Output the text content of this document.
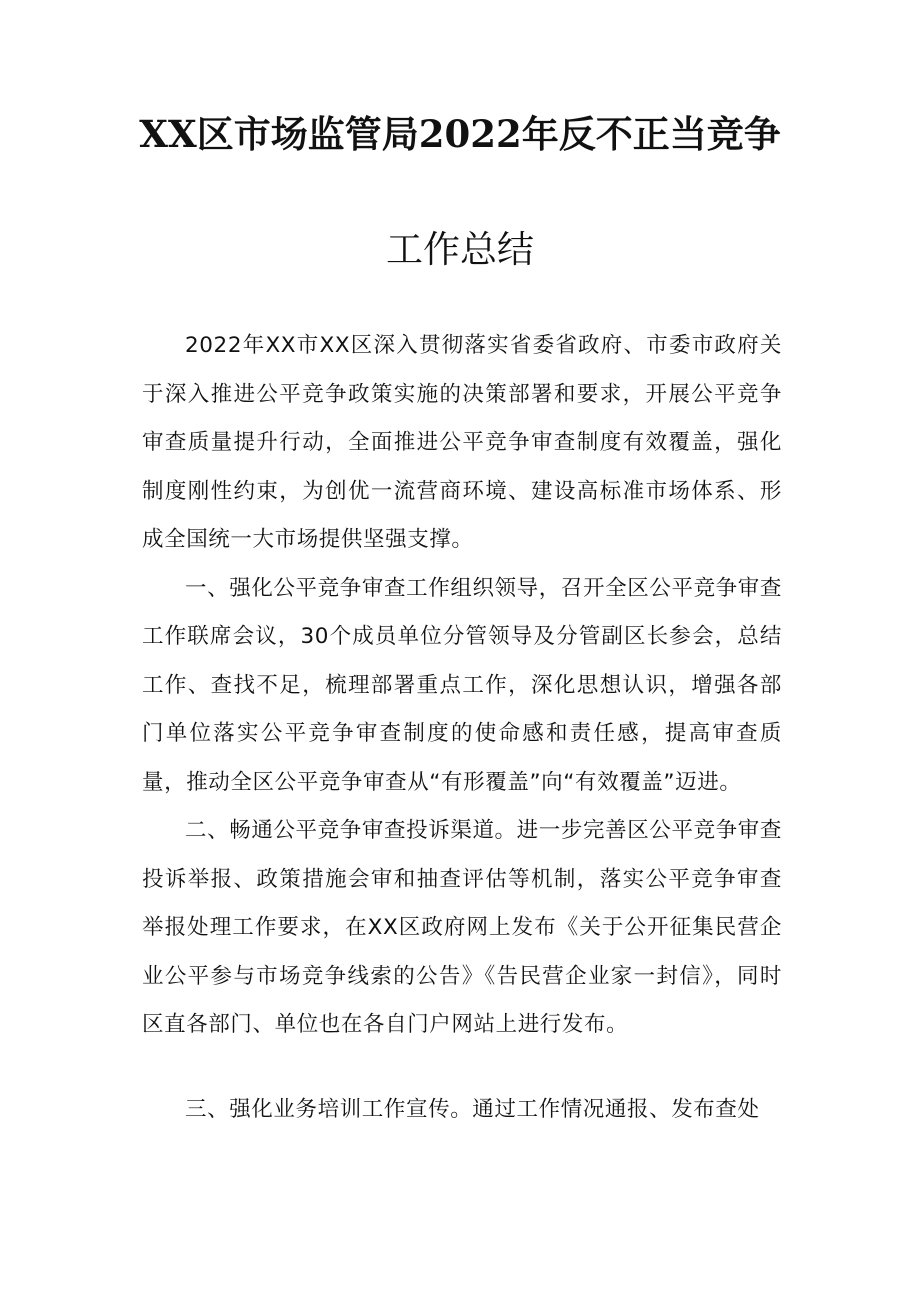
XX区市场监管局2022年反不正当竞争
工作总结

2022年XX市XX区深入贯彻落实省委省政府、市委市政府关于深入推进公平竞争政策实施的决策部署和要求，开展公平竞争审查质量提升行动，全面推进公平竞争审查制度有效覆盖，强化制度刚性约束，为创优一流营商环境、建设高标准市场体系、形成全国统一大市场提供坚强支撑。

一、强化公平竞争审查工作组织领导，召开全区公平竞争审查工作联席会议，30个成员单位分管领导及分管副区长参会，总结工作、查找不足，梳理部署重点工作，深化思想认识，增强各部门单位落实公平竞争审查制度的使命感和责任感，提高审查质量，推动全区公平竞争审查从“有形覆盖”向“有效覆盖”迈进。

二、畅通公平竞争审查投诉渠道。进一步完善区公平竞争审查投诉举报、政策措施会审和抽查评估等机制，落实公平竞争审查举报处理工作要求，在XX区政府网上发布《关于公开征集民营企业公平参与市场竞争线索的公告》《告民营企业家一封信》，同时区直各部门、单位也在各自门户网站上进行发布。

三、强化业务培训工作宣传。通过工作情况通报、发布查处
